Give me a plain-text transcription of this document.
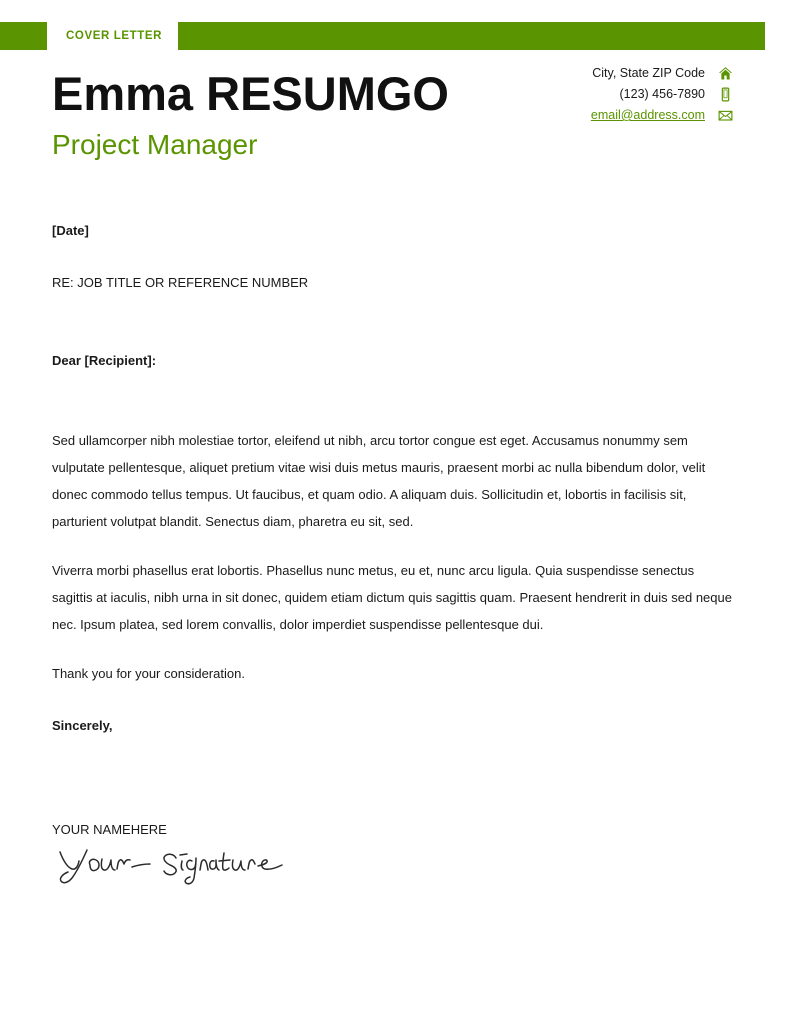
COVER LETTER
Emma RESUMGO
Project Manager
City, State ZIP Code
(123) 456-7890
email@address.com
[Date]
RE: JOB TITLE OR REFERENCE NUMBER
Dear [Recipient]:
Sed ullamcorper nibh molestiae tortor, eleifend ut nibh, arcu tortor congue est eget. Accusamus nonummy sem vulputate pellentesque, aliquet pretium vitae wisi duis metus mauris, praesent morbi ac nulla bibendum dolor, velit donec commodo tellus tempus. Ut faucibus, et quam odio. A aliquam duis. Sollicitudin et, lobortis in facilisis sit, parturient volutpat blandit. Senectus diam, pharetra eu sit, sed.
Viverra morbi phasellus erat lobortis. Phasellus nunc metus, eu et, nunc arcu ligula. Quia suspendisse senectus sagittis at iaculis, nibh urna in sit donec, quidem etiam dictum quis sagittis quam. Praesent hendrerit in duis sed neque nec. Ipsum platea, sed lorem convallis, dolor imperdiet suspendisse pellentesque dui.
Thank you for your consideration.
Sincerely,
YOUR NAMEHERE
